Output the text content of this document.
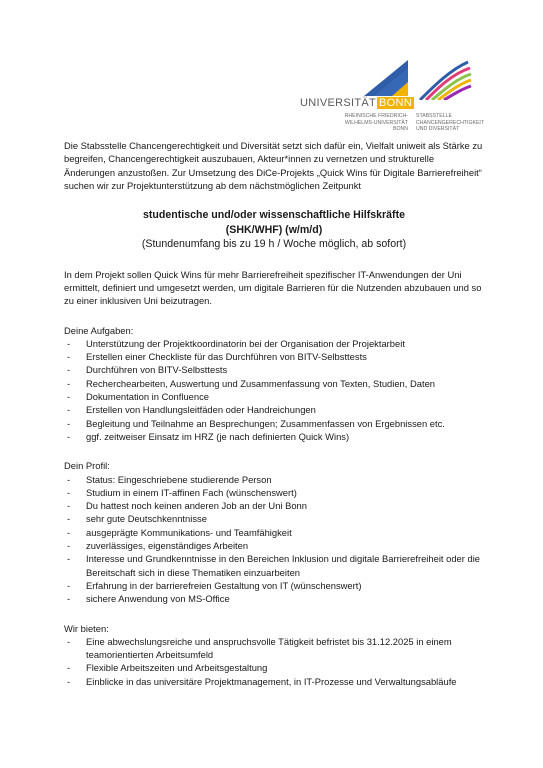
UNIVERSITÄT BONN
RHEINISCHE FRIEDRICH-WILHELMS-UNIVERSITÄT BONN
STABSSTELLE CHANCENGERECHTIGKEIT UND DIVERSITÄT

Die Stabsstelle Chancengerechtigkeit und Diversität setzt sich dafür ein, Vielfalt uniweit als Stärke zu begreifen, Chancengerechtigkeit auszubauen, Akteur*innen zu vernetzen und strukturelle Änderungen anzustoßen. Zur Umsetzung des DiCe-Projekts „Quick Wins für Digitale Barrierefreiheit“ suchen wir zur Projektunterstützung ab dem nächstmöglichen Zeitpunkt

studentische und/oder wissenschaftliche Hilfskräfte
(SHK/WHF) (w/m/d)
(Stundenumfang bis zu 19 h / Woche möglich, ab sofort)

In dem Projekt sollen Quick Wins für mehr Barrierefreiheit spezifischer IT-Anwendungen der Uni ermittelt, definiert und umgesetzt werden, um digitale Barrieren für die Nutzenden abzubauen und so zu einer inklusiven Uni beizutragen.

Deine Aufgaben:

- Unterstützung der Projektkoordinatorin bei der Organisation der Projektarbeit
- Erstellen einer Checkliste für das Durchführen von BITV-Selbsttests
- Durchführen von BITV-Selbsttests
- Recherchearbeiten, Auswertung und Zusammenfassung von Texten, Studien, Daten
- Dokumentation in Confluence
- Erstellen von Handlungsleitfäden oder Handreichungen
- Begleitung und Teilnahme an Besprechungen; Zusammenfassen von Ergebnissen etc.
- ggf. zeitweiser Einsatz im HRZ (je nach definierten Quick Wins)

Dein Profil:

- Status: Eingeschriebene studierende Person
- Studium in einem IT-affinen Fach (wünschenswert)
- Du hattest noch keinen anderen Job an der Uni Bonn
- sehr gute Deutschkenntnisse
- ausgeprägte Kommunikations- und Teamfähigkeit
- zuverlässiges, eigenständiges Arbeiten
- Interesse und Grundkenntnisse in den Bereichen Inklusion und digitale Barrierefreiheit oder die Bereitschaft sich in diese Thematiken einzuarbeiten
- Erfahrung in der barrierefreien Gestaltung von IT (wünschenswert)
- sichere Anwendung von MS-Office

Wir bieten:

- Eine abwechslungsreiche und anspruchsvolle Tätigkeit befristet bis 31.12.2025 in einem teamorientierten Arbeitsumfeld
- Flexible Arbeitszeiten und Arbeitsgestaltung
- Einblicke in das universitäre Projektmanagement, in IT-Prozesse und Verwaltungsabläufe
